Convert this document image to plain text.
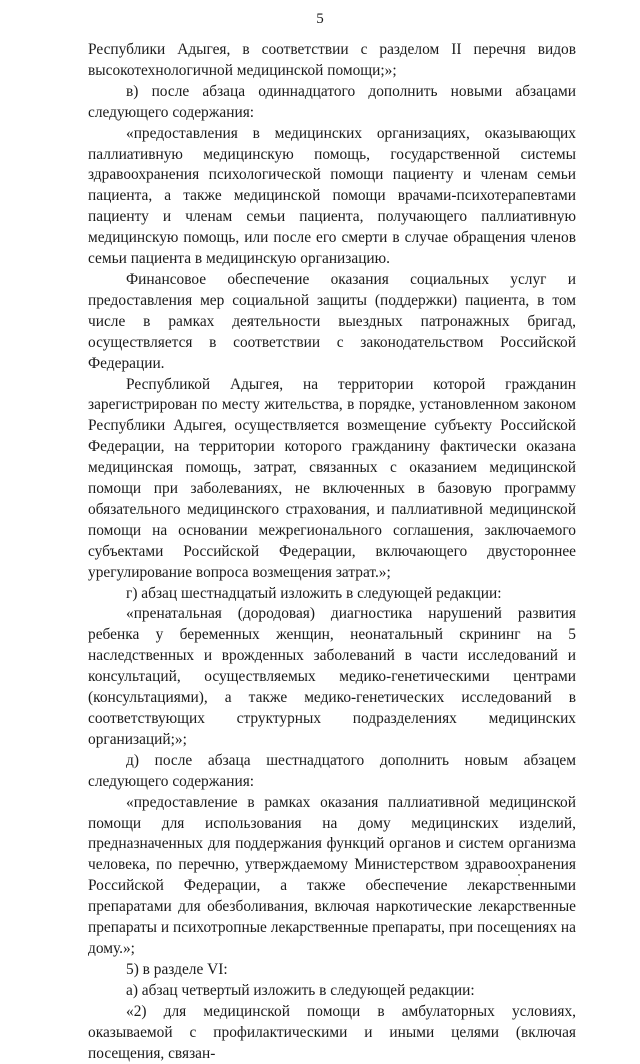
5

Республики Адыгея, в соответствии с разделом II перечня видов высокотехнологичной медицинской помощи;»;

в) после абзаца одиннадцатого дополнить новыми абзацами следующего содержания:

«предоставления в медицинских организациях, оказывающих паллиативную медицинскую помощь, государственной системы здравоохранения психологической помощи пациенту и членам семьи пациента, а также медицинской помощи врачами-психотерапевтами пациенту и членам семьи пациента, получающего паллиативную медицинскую помощь, или после его смерти в случае обращения членов семьи пациента в медицинскую организацию.

Финансовое обеспечение оказания социальных услуг и предоставления мер социальной защиты (поддержки) пациента, в том числе в рамках деятельности выездных патронажных бригад, осуществляется в соответствии с законодательством Российской Федерации.

Республикой Адыгея, на территории которой гражданин зарегистрирован по месту жительства, в порядке, установленном законом Республики Адыгея, осуществляется возмещение субъекту Российской Федерации, на территории которого гражданину фактически оказана медицинская помощь, затрат, связанных с оказанием медицинской помощи при заболеваниях, не включенных в базовую программу обязательного медицинского страхования, и паллиативной медицинской помощи на основании межрегионального соглашения, заключаемого субъектами Российской Федерации, включающего двустороннее урегулирование вопроса возмещения затрат.»;

г) абзац шестнадцатый изложить в следующей редакции:

«пренатальная (дородовая) диагностика нарушений развития ребенка у беременных женщин, неонатальный скрининг на 5 наследственных и врожденных заболеваний в части исследований и консультаций, осуществляемых медико-генетическими центрами (консультациями), а также медико-генетических исследований в соответствующих структурных подразделениях медицинских организаций;»;

д) после абзаца шестнадцатого дополнить новым абзацем следующего содержания:

«предоставление в рамках оказания паллиативной медицинской помощи для использования на дому медицинских изделий, предназначенных для поддержания функций органов и систем организма человека, по перечню, утверждаемому Министерством здравоохранения Российской Федерации, а также обеспечение лекарственными препаратами для обезболивания, включая наркотические лекарственные препараты и психотропные лекарственные препараты, при посещениях на дому.»;

5) в разделе VI:

а) абзац четвертый изложить в следующей редакции:

«2) для медицинской помощи в амбулаторных условиях, оказываемой с профилактическими и иными целями (включая посещения, связан-
